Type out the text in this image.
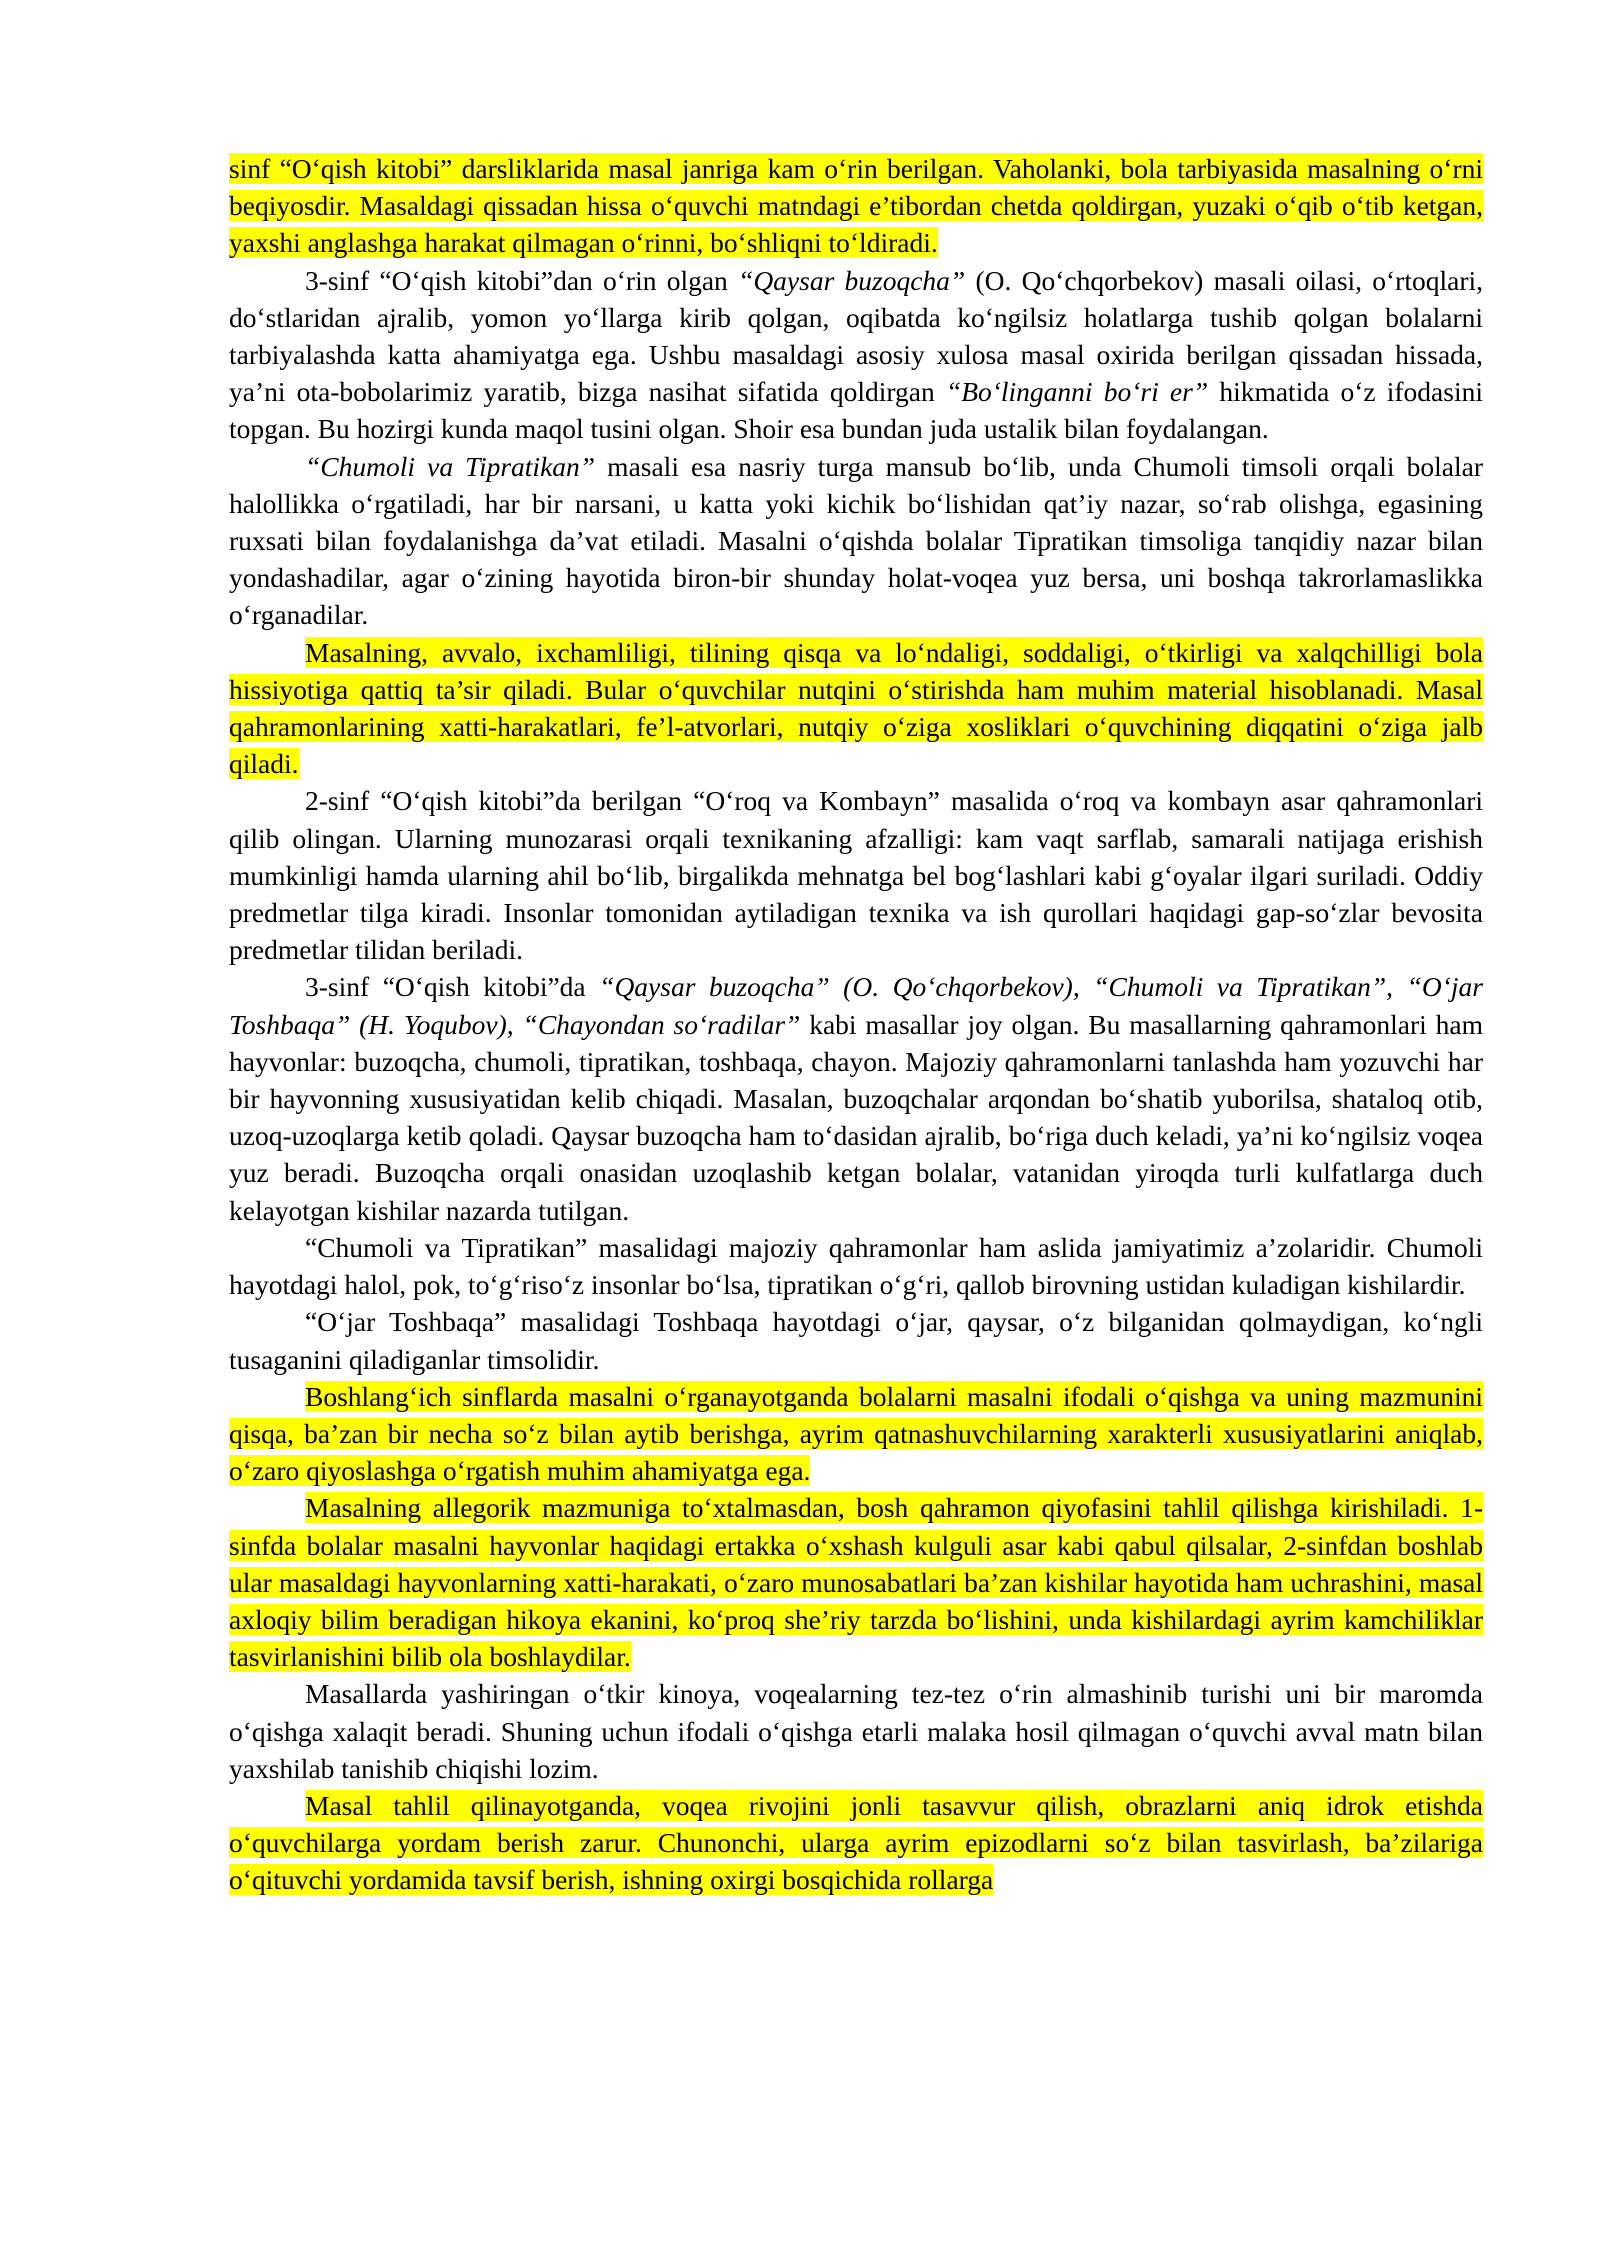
sinf “O‘qish kitobi” darsliklarida masal janriga kam o‘rin berilgan. Vaholanki, bola tarbiyasida masalning o‘rni beqiyosdir. Masaldagi qissadan hissa o‘quvchi matndagi e’tibordan chetda qoldirgan, yuzaki o‘qib o‘tib ketgan, yaxshi anglashga harakat qilmagan o‘rinni, bo‘shliqni to‘ldiradi.

3-sinf “O‘qish kitobi”dan o‘rin olgan “Qaysar buzoqcha” (O. Qo‘chqorbekov) masali oilasi, o‘rtoqlari, do‘stlaridan ajralib, yomon yo‘llarga kirib qolgan, oqibatda ko‘ngilsiz holatlarga tushib qolgan bolalarni tarbiyalashda katta ahamiyatga ega. Ushbu masaldagi asosiy xulosa masal oxirida berilgan qissadan hissada, ya’ni ota-bobolarimiz yaratib, bizga nasihat sifatida qoldirgan “Bo‘linganni bo‘ri er” hikmatida o‘z ifodasini topgan. Bu hozirgi kunda maqol tusini olgan. Shoir esa bundan juda ustalik bilan foydalangan.

“Chumoli va Tipratikan” masali esa nasriy turga mansub bo‘lib, unda Chumoli timsoli orqali bolalar halollikka o‘rgatiladi, har bir narsani, u katta yoki kichik bo‘lishidan qat’iy nazar, so‘rab olishga, egasining ruxsati bilan foydalanishga da’vat etiladi. Masalni o‘qishda bolalar Tipratikan timsoliga tanqidiy nazar bilan yondashadilar, agar o‘zining hayotida biron-bir shunday holat-voqea yuz bersa, uni boshqa takrorlamaslikka o‘rganadilar.

Masalning, avvalo, ixchamliligi, tilining qisqa va lo‘ndaligi, soddaligi, o‘tkirligi va xalqchilligi bola hissiyotiga qattiq ta’sir qiladi. Bular o‘quvchilar nutqini o‘stirishda ham muhim material hisoblanadi. Masal qahramonlarining xatti-harakatlari, fe’l-atvorlari, nutqiy o‘ziga xosliklari o‘quvchining diqqatini o‘ziga jalb qiladi.

2-sinf “O‘qish kitobi”da berilgan “O‘roq va Kombayn” masalida o‘roq va kombayn asar qahramonlari qilib olingan. Ularning munozarasi orqali texnikaning afzalligi: kam vaqt sarflab, samarali natijaga erishish mumkinligi hamda ularning ahil bo‘lib, birgalikda mehnatga bel bog‘lashlari kabi g‘oyalar ilgari suriladi. Oddiy predmetlar tilga kiradi. Insonlar tomonidan aytiladigan texnika va ish qurollari haqidagi gap-so‘zlar bevosita predmetlar tilidan beriladi.

3-sinf “O‘qish kitobi”da “Qaysar buzoqcha” (O. Qo‘chqorbekov), “Chumoli va Tipratikan”, “O‘jar Toshbaqa” (H. Yoqubov), “Chayondan so‘radilar” kabi masallar joy olgan. Bu masallarning qahramonlari ham hayvonlar: buzoqcha, chumoli, tipratikan, toshbaqa, chayon. Majoziy qahramonlarni tanlashda ham yozuvchi har bir hayvonning xususiyatidan kelib chiqadi. Masalan, buzoqchalar arqondan bo‘shatib yuborilsa, shataloq otib, uzoq-uzoqlarga ketib qoladi. Qaysar buzoqcha ham to‘dasidan ajralib, bo‘riga duch keladi, ya’ni ko‘ngilsiz voqea yuz beradi. Buzoqcha orqali onasidan uzoqlashib ketgan bolalar, vatanidan yiroqda turli kulfatlarga duch kelayotgan kishilar nazarda tutilgan.

“Chumoli va Tipratikan” masalidagi majoziy qahramonlar ham aslida jamiyatimiz a’zolaridir. Chumoli hayotdagi halol, pok, to‘g‘riso‘z insonlar bo‘lsa, tipratikan o‘g‘ri, qallob birovning ustidan kuladigan kishilardir.

“O‘jar Toshbaqa” masalidagi Toshbaqa hayotdagi o‘jar, qaysar, o‘z bilganidan qolmaydigan, ko‘ngli tusaganini qiladiganlar timsolidir.

Boshlang‘ich sinflarda masalni o‘rganayotganda bolalarni masalni ifodali o‘qishga va uning mazmunini qisqa, ba’zan bir necha so‘z bilan aytib berishga, ayrim qatnashuvchilarning xarakterli xususiyatlarini aniqlab, o‘zaro qiyoslashga o‘rgatish muhim ahamiyatga ega.

Masalning allegorik mazmuniga to‘xtalmasdan, bosh qahramon qiyofasini tahlil qilishga kirishiladi. 1-sinfda bolalar masalni hayvonlar haqidagi ertakka o‘xshash kulguli asar kabi qabul qilsalar, 2-sinfdan boshlab ular masaldagi hayvonlarning xatti-harakati, o‘zaro munosabatlari ba’zan kishilar hayotida ham uchrashini, masal axloqiy bilim beradigan hikoya ekanini, ko‘proq she’riy tarzda bo‘lishini, unda kishilardagi ayrim kamchiliklar tasvirlanishini bilib ola boshlaydilar.

Masallarda yashiringan o‘tkir kinoya, voqealarning tez-tez o‘rin almashinib turishi uni bir maromda o‘qishga xalaqit beradi. Shuning uchun ifodali o‘qishga etarli malaka hosil qilmagan o‘quvchi avval matn bilan yaxshilab tanishib chiqishi lozim.

Masal tahlil qilinayotganda, voqea rivojini jonli tasavvur qilish, obrazlarni aniq idrok etishda o‘quvchilarga yordam berish zarur. Chunonchi, ularga ayrim epizodlarni so‘z bilan tasvirlash, ba’zilariga o‘qituvchi yordamida tavsif berish, ishning oxirgi bosqichida rollarga
